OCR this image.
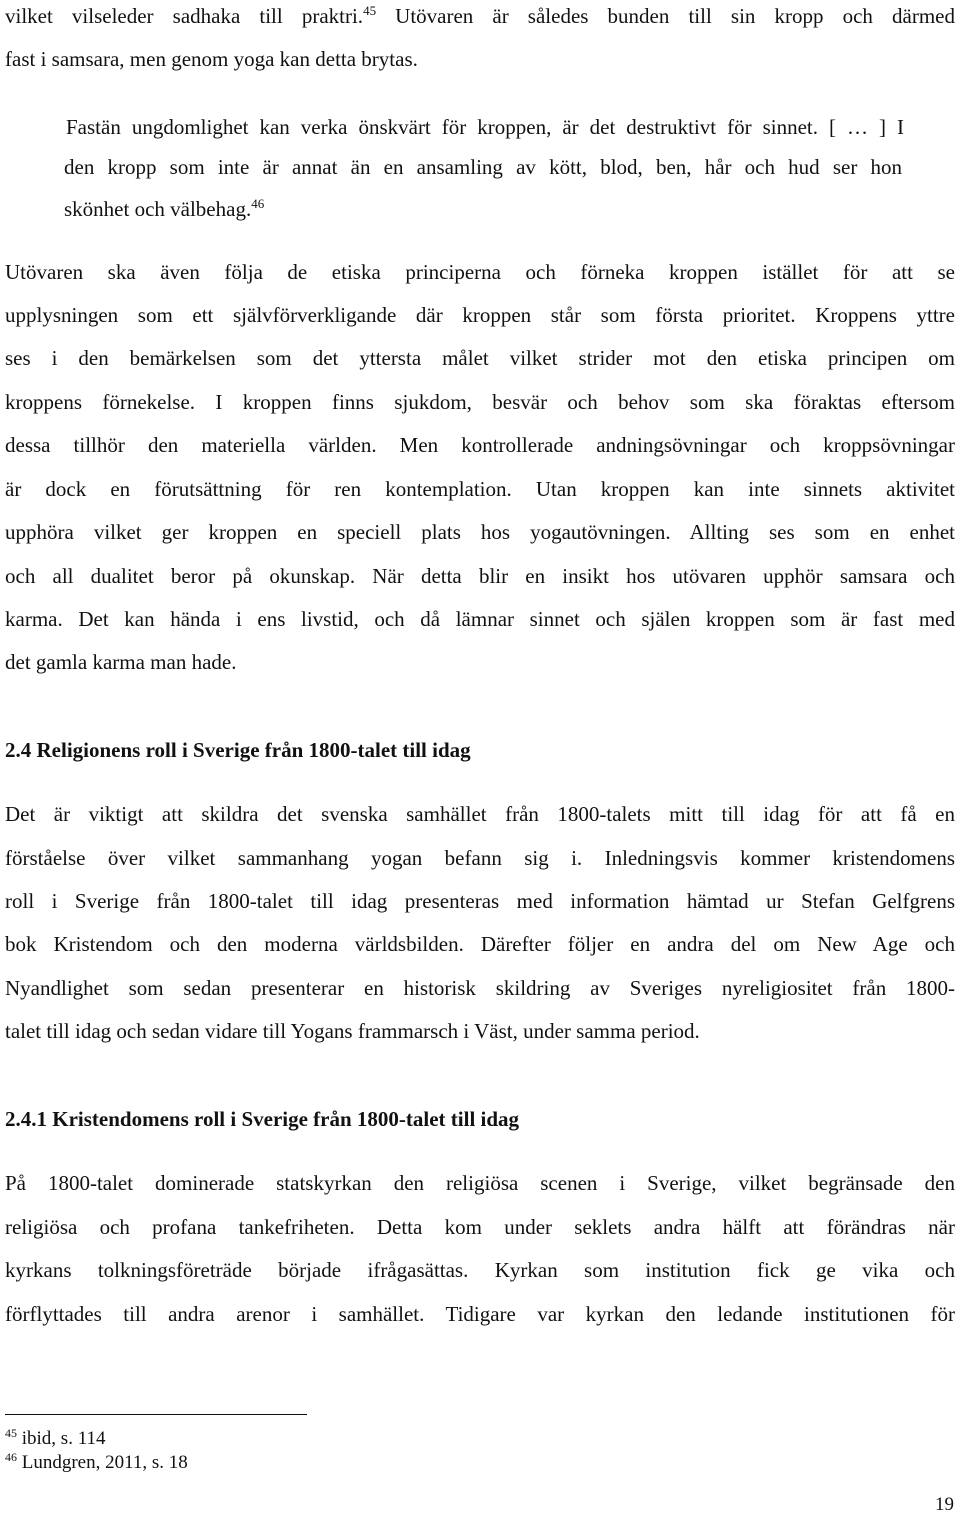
vilket vilseleder sadhaka till praktri.$^{45}$ Utövaren är således bunden till sin kropp och därmed
fast i samsara, men genom yoga kan detta brytas.
Fastän ungdomlighet kan verka önskvärt för kroppen, är det destruktivt för sinnet. [ … ] I
den kropp som inte är annat än en ansamling av kött, blod, ben, hår och hud ser hon
skönhet och välbehag.$^{46}$
Utövaren ska även följa de etiska principerna och förneka kroppen istället för att se
upplysningen som ett självförverkligande där kroppen står som första prioritet. Kroppens yttre
ses i den bemärkelsen som det yttersta målet vilket strider mot den etiska principen om
kroppens förnekelse. I kroppen finns sjukdom, besvär och behov som ska föraktas eftersom
dessa tillhör den materiella världen. Men kontrollerade andningsövningar och kroppsövningar
är dock en förutsättning för ren kontemplation. Utan kroppen kan inte sinnets aktivitet
upphöra vilket ger kroppen en speciell plats hos yogautövningen. Allting ses som en enhet
och all dualitet beror på okunskap. När detta blir en insikt hos utövaren upphör samsara och
karma. Det kan hända i ens livstid, och då lämnar sinnet och själen kroppen som är fast med
det gamla karma man hade.
2.4 Religionens roll i Sverige från 1800-talet till idag
Det är viktigt att skildra det svenska samhället från 1800-talets mitt till idag för att få en
förståelse över vilket sammanhang yogan befann sig i. Inledningsvis kommer kristendomens
roll i Sverige från 1800-talet till idag presenteras med information hämtad ur Stefan Gelfgrens
bok Kristendom och den moderna världsbilden. Därefter följer en andra del om New Age och
Nyandlighet som sedan presenterar en historisk skildring av Sveriges nyreligiositet från 1800-
talet till idag och sedan vidare till Yogans frammarsch i Väst, under samma period.
2.4.1 Kristendomens roll i Sverige från 1800-talet till idag
På 1800-talet dominerade statskyrkan den religiösa scenen i Sverige, vilket begränsade den
religiösa och profana tankefriheten. Detta kom under seklets andra hälft att förändras när
kyrkans tolkningsföreträde började ifrågasättas. Kyrkan som institution fick ge vika och
förflyttades till andra arenor i samhället. Tidigare var kyrkan den ledande institutionen för
$^{45}$ ibid, s. 114
$^{46}$ Lundgren, 2011, s. 18
19
